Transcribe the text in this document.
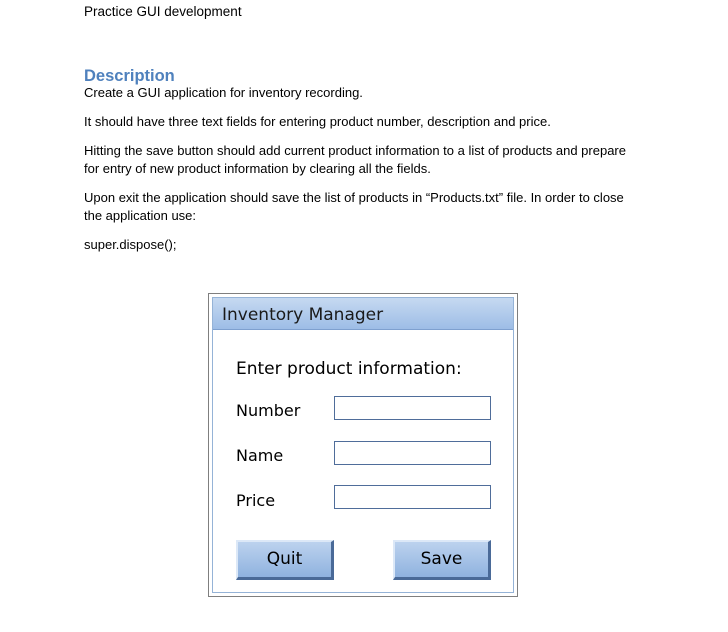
Practice GUI development

Description

Create a GUI application for inventory recording.

It should have three text fields for entering product number, description and price.

Hitting the save button should add current product information to a list of products and prepare for entry of new product information by clearing all the fields.

Upon exit the application should save the list of products in “Products.txt” file. In order to close the application use:

super.dispose();

Inventory Manager
Enter product information:
Number
Name
Price
Quit	Save
